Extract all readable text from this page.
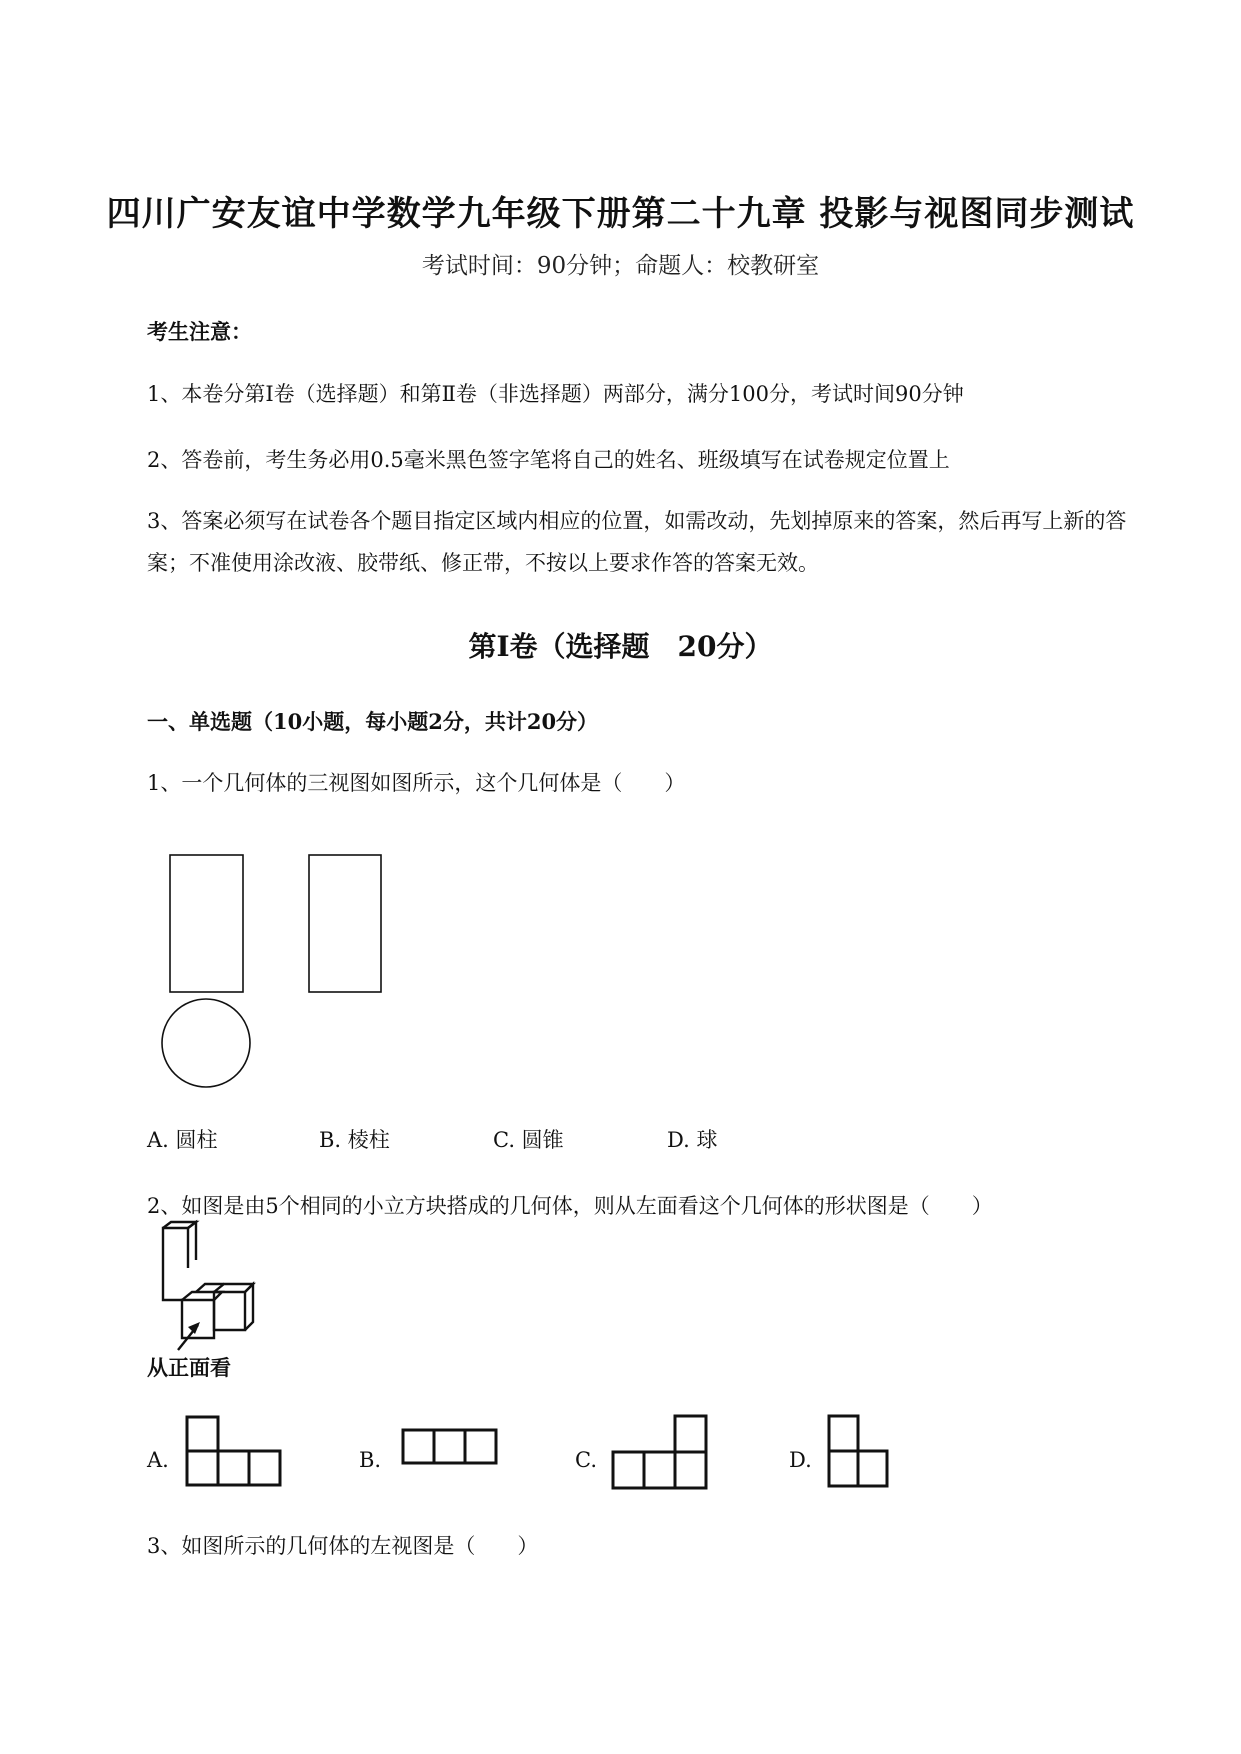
四川广安友谊中学数学九年级下册第二十九章 投影与视图同步测试
考试时间：90分钟；命题人：校教研室
考生注意：
1、本卷分第Ⅰ卷（选择题）和第Ⅱ卷（非选择题）两部分，满分100分，考试时间90分钟
2、答卷前，考生务必用0.5毫米黑色签字笔将自己的姓名、班级填写在试卷规定位置上
3、答案必须写在试卷各个题目指定区域内相应的位置，如需改动，先划掉原来的答案，然后再写上新的答案；不准使用涂改液、胶带纸、修正带，不按以上要求作答的答案无效。
第Ⅰ卷（选择题　20分）
一、单选题（10小题，每小题2分，共计20分）
1、一个几何体的三视图如图所示，这个几何体是（　　）
A. 圆柱	B. 棱柱	C. 圆锥	D. 球
2、如图是由5个相同的小立方块搭成的几何体，则从左面看这个几何体的形状图是（　　）
从正面看
A.	B.	C.	D.
3、如图所示的几何体的左视图是（　　）
